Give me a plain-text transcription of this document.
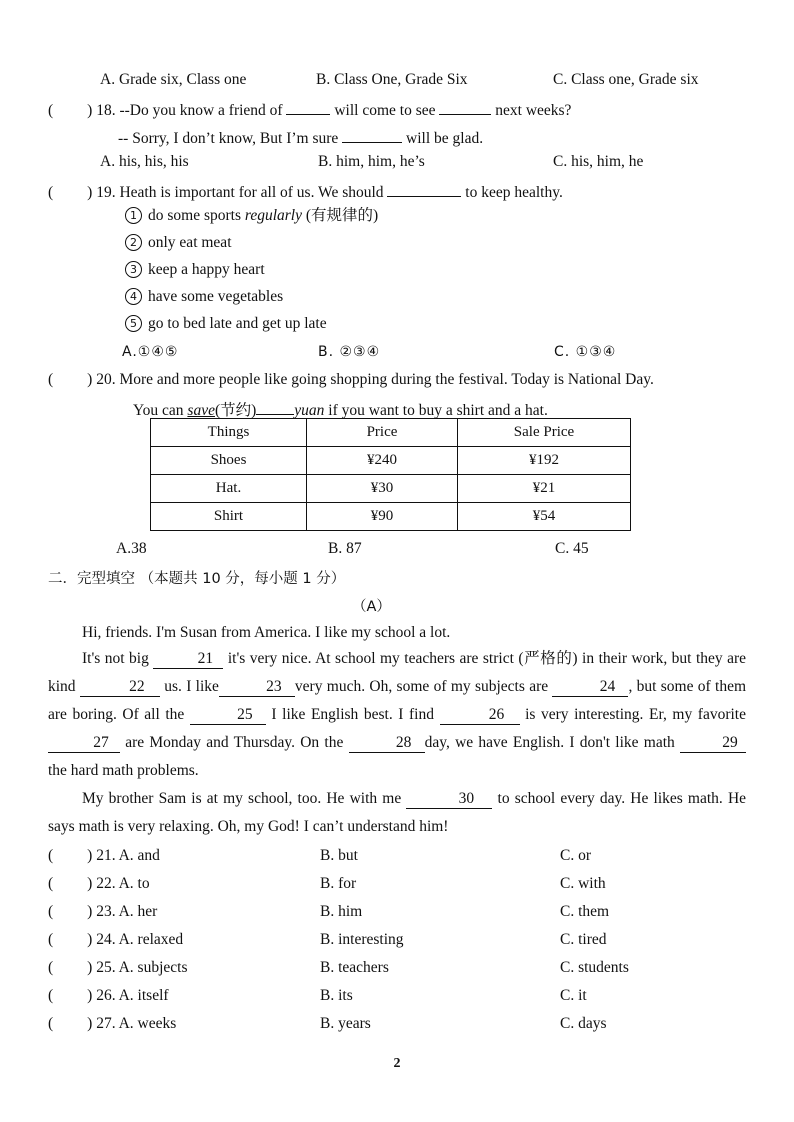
A. Grade six, Class one	B. Class One, Grade Six	C. Class one, Grade six
( ) 18. --Do you know a friend of	will come to see	next weeks?
-- Sorry, I don’t know, But I’m sure	will be glad.
A. his, his, his	B. him, him, he’s	C. his, him, he
( ) 19. Heath is important for all of us. We should	to keep healthy.
1 do some sports regularly (有规律的)
2 only eat meat
3 keep a happy heart
4 have some vegetables
5 go to bed late and get up late
A.①④⑤	B. ②③④	C. ①③④
( ) 20. More and more people like going shopping during the festival. Today is National Day.
You can save(节约) yuan if you want to buy a shirt and a hat.
Things	Price	Sale Price
Shoes	¥240	¥192
Hat.	¥30	¥21
Shirt	¥90	¥54
A.38	B. 87	C. 45
二．完型填空 （本题共 10 分，每小题 1 分）
（A）
Hi, friends. I'm Susan from America. I like my school a lot.
It's not big	21 it's very nice. At school my teachers are strict (严格的) in their work, but they are kind	22 us. I like	23 very much. Oh, some of my subjects are	24 , but some of them are boring. Of all the	25 I like English best. I find	26 is very interesting. Er, my favorite 27 are Monday and Thursday. On the	28 day, we have English. I don't like math	29 the hard math problems.
My brother Sam is at my school, too. He with me	30 to school every day. He likes math. He says math is very relaxing. Oh, my God! I can’t understand him!
( ) 21. A. and	B. but	C. or
( ) 22. A. to	B. for	C. with
( ) 23. A. her	B. him	C. them
( ) 24. A. relaxed	B. interesting	C. tired
( ) 25. A. subjects	B. teachers	C. students
( ) 26. A. itself	B. its	C. it
( ) 27. A. weeks	B. years	C. days
2
